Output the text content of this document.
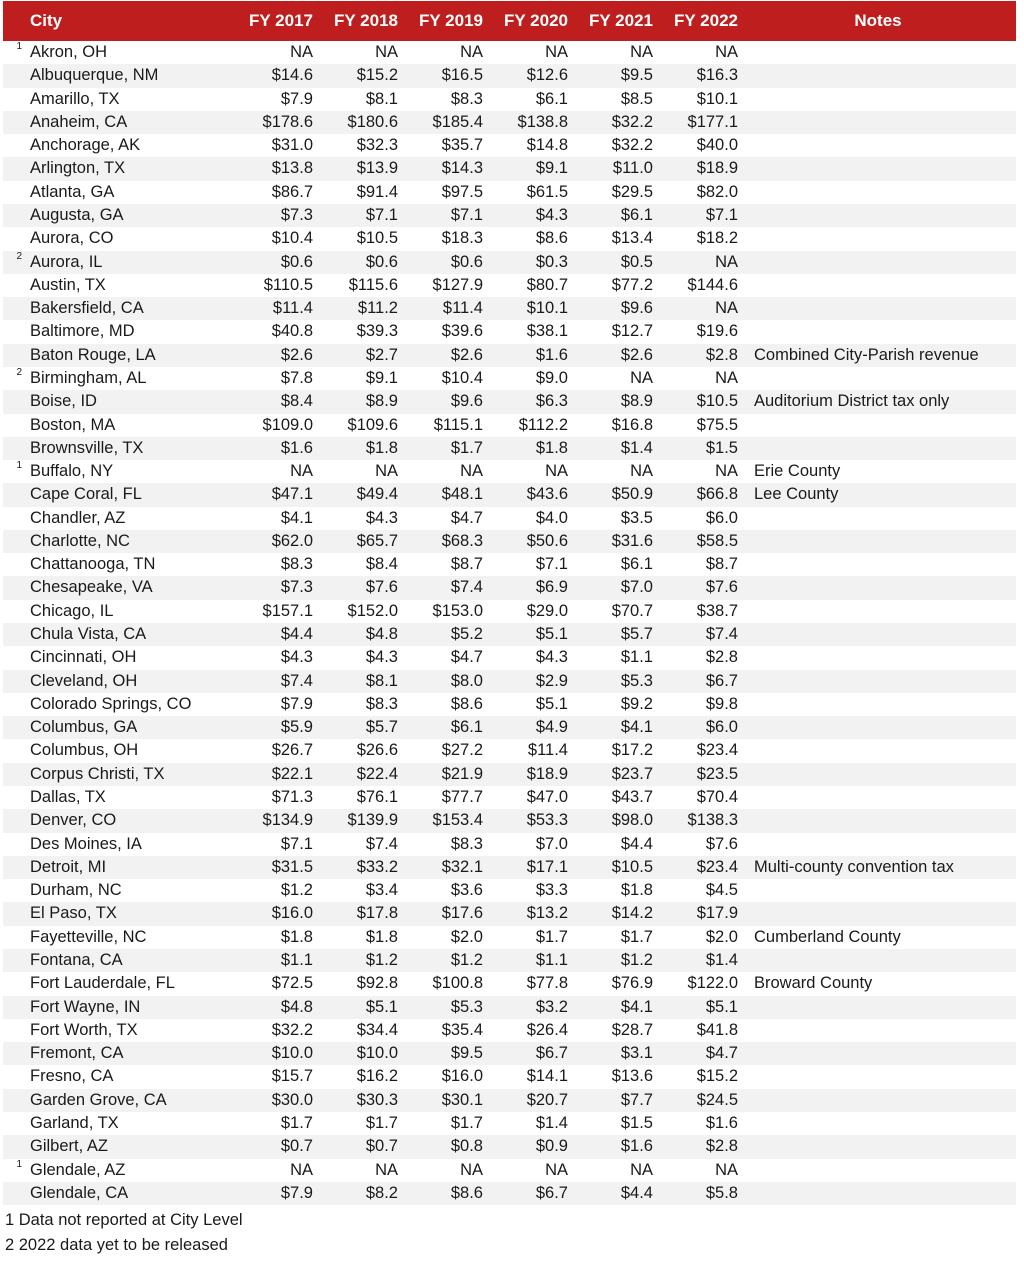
	City	FY 2017	FY 2018	FY 2019	FY 2020	FY 2021	FY 2022	Notes
1	Akron, OH	NA	NA	NA	NA	NA	NA	
	Albuquerque, NM	$14.6	$15.2	$16.5	$12.6	$9.5	$16.3	
	Amarillo, TX	$7.9	$8.1	$8.3	$6.1	$8.5	$10.1	
	Anaheim, CA	$178.6	$180.6	$185.4	$138.8	$32.2	$177.1	
	Anchorage, AK	$31.0	$32.3	$35.7	$14.8	$32.2	$40.0	
	Arlington, TX	$13.8	$13.9	$14.3	$9.1	$11.0	$18.9	
	Atlanta, GA	$86.7	$91.4	$97.5	$61.5	$29.5	$82.0	
	Augusta, GA	$7.3	$7.1	$7.1	$4.3	$6.1	$7.1	
	Aurora, CO	$10.4	$10.5	$18.3	$8.6	$13.4	$18.2	
2	Aurora, IL	$0.6	$0.6	$0.6	$0.3	$0.5	NA	
	Austin, TX	$110.5	$115.6	$127.9	$80.7	$77.2	$144.6	
	Bakersfield, CA	$11.4	$11.2	$11.4	$10.1	$9.6	NA	
	Baltimore, MD	$40.8	$39.3	$39.6	$38.1	$12.7	$19.6	
	Baton Rouge, LA	$2.6	$2.7	$2.6	$1.6	$2.6	$2.8	Combined City-Parish revenue
2	Birmingham, AL	$7.8	$9.1	$10.4	$9.0	NA	NA	
	Boise, ID	$8.4	$8.9	$9.6	$6.3	$8.9	$10.5	Auditorium District tax only
	Boston, MA	$109.0	$109.6	$115.1	$112.2	$16.8	$75.5	
	Brownsville, TX	$1.6	$1.8	$1.7	$1.8	$1.4	$1.5	
1	Buffalo, NY	NA	NA	NA	NA	NA	NA	Erie County
	Cape Coral, FL	$47.1	$49.4	$48.1	$43.6	$50.9	$66.8	Lee County
	Chandler, AZ	$4.1	$4.3	$4.7	$4.0	$3.5	$6.0	
	Charlotte, NC	$62.0	$65.7	$68.3	$50.6	$31.6	$58.5	
	Chattanooga, TN	$8.3	$8.4	$8.7	$7.1	$6.1	$8.7	
	Chesapeake, VA	$7.3	$7.6	$7.4	$6.9	$7.0	$7.6	
	Chicago, IL	$157.1	$152.0	$153.0	$29.0	$70.7	$38.7	
	Chula Vista, CA	$4.4	$4.8	$5.2	$5.1	$5.7	$7.4	
	Cincinnati, OH	$4.3	$4.3	$4.7	$4.3	$1.1	$2.8	
	Cleveland, OH	$7.4	$8.1	$8.0	$2.9	$5.3	$6.7	
	Colorado Springs, CO	$7.9	$8.3	$8.6	$5.1	$9.2	$9.8	
	Columbus, GA	$5.9	$5.7	$6.1	$4.9	$4.1	$6.0	
	Columbus, OH	$26.7	$26.6	$27.2	$11.4	$17.2	$23.4	
	Corpus Christi, TX	$22.1	$22.4	$21.9	$18.9	$23.7	$23.5	
	Dallas, TX	$71.3	$76.1	$77.7	$47.0	$43.7	$70.4	
	Denver, CO	$134.9	$139.9	$153.4	$53.3	$98.0	$138.3	
	Des Moines, IA	$7.1	$7.4	$8.3	$7.0	$4.4	$7.6	
	Detroit, MI	$31.5	$33.2	$32.1	$17.1	$10.5	$23.4	Multi-county convention tax
	Durham, NC	$1.2	$3.4	$3.6	$3.3	$1.8	$4.5	
	El Paso, TX	$16.0	$17.8	$17.6	$13.2	$14.2	$17.9	
	Fayetteville, NC	$1.8	$1.8	$2.0	$1.7	$1.7	$2.0	Cumberland County
	Fontana, CA	$1.1	$1.2	$1.2	$1.1	$1.2	$1.4	
	Fort Lauderdale, FL	$72.5	$92.8	$100.8	$77.8	$76.9	$122.0	Broward County
	Fort Wayne, IN	$4.8	$5.1	$5.3	$3.2	$4.1	$5.1	
	Fort Worth, TX	$32.2	$34.4	$35.4	$26.4	$28.7	$41.8	
	Fremont, CA	$10.0	$10.0	$9.5	$6.7	$3.1	$4.7	
	Fresno, CA	$15.7	$16.2	$16.0	$14.1	$13.6	$15.2	
	Garden Grove, CA	$30.0	$30.3	$30.1	$20.7	$7.7	$24.5	
	Garland, TX	$1.7	$1.7	$1.7	$1.4	$1.5	$1.6	
	Gilbert, AZ	$0.7	$0.7	$0.8	$0.9	$1.6	$2.8	
1	Glendale, AZ	NA	NA	NA	NA	NA	NA	
	Glendale, CA	$7.9	$8.2	$8.6	$6.7	$4.4	$5.8	
1 Data not reported at City Level
2 2022 data yet to be released
